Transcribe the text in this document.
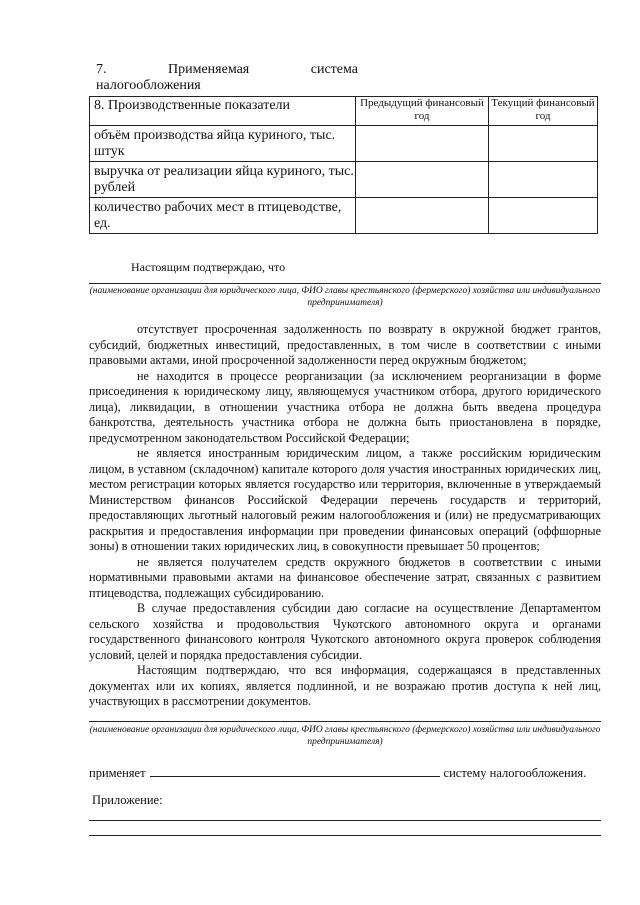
7.	Применяемая	система
налогообложения
8. Производственные показатели	Предыдущий финансовый год	Текущий финансовый год
объём производства яйца куриного, тыс. штук		
выручка от реализации яйца куриного, тыс. рублей		
количество рабочих мест в птицеводстве, ед.		
Настоящим подтверждаю, что
(наименование организации для юридического лица, ФИО главы крестьянского (фермерского) хозяйства или индивидуального предпринимателя)

отсутствует просроченная задолженность по возврату в окружной бюджет грантов, субсидий, бюджетных инвестиций, предоставленных, в том числе в соответствии с иными правовыми актами, иной просроченной задолженности перед окружным бюджетом;

не находится в процессе реорганизации (за исключением реорганизации в форме присоединения к юридическому лицу, являющемуся участником отбора, другого юридического лица), ликвидации, в отношении участника отбора не должна быть введена процедура банкротства, деятельность участника отбора не должна быть приостановлена в порядке, предусмотренном законодательством Российской Федерации;

не является иностранным юридическим лицом, а также российским юридическим лицом, в уставном (складочном) капитале которого доля участия иностранных юридических лиц, местом регистрации которых является государство или территория, включенные в утверждаемый Министерством финансов Российской Федерации перечень государств и территорий, предоставляющих льготный налоговый режим налогообложения и (или) не предусматривающих раскрытия и предоставления информации при проведении финансовых операций (оффшорные зоны) в отношении таких юридических лиц, в совокупности превышает 50 процентов;

не является получателем средств окружного бюджетов в соответствии с иными нормативными правовыми актами на финансовое обеспечение затрат, связанных с развитием птицеводства, подлежащих субсидированию.

В случае предоставления субсидии даю согласие на осуществление Департаментом сельского хозяйства и продовольствия Чукотского автономного округа и органами государственного финансового контроля Чукотского автономного округа проверок соблюдения условий, целей и порядка предоставления субсидии.

Настоящим подтверждаю, что вся информация, содержащаяся в представленных документах или их копиях, является подлинной, и не возражаю против доступа к ней лиц, участвующих в рассмотрении документов.

(наименование организации для юридического лица, ФИО главы крестьянского (фермерского) хозяйства или индивидуального предпринимателя)
применяет	систему налогообложения.
Приложение:
